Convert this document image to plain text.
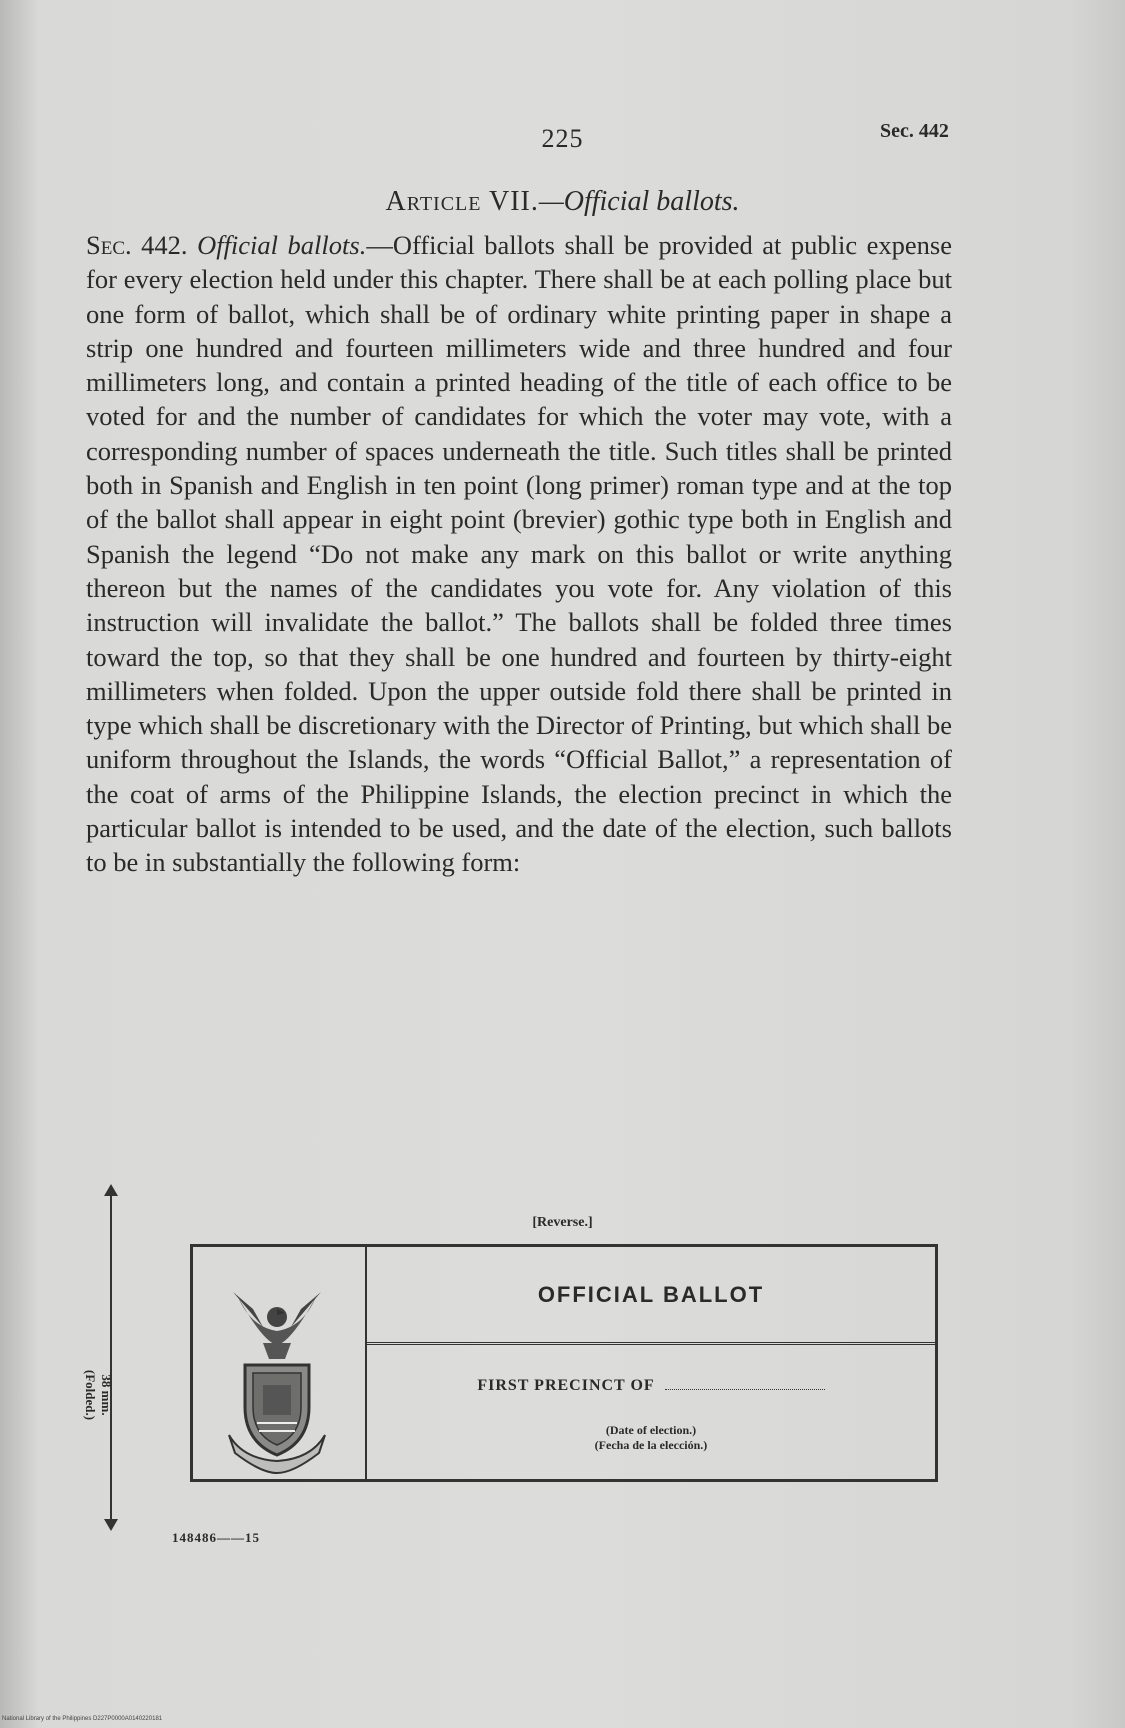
225	Sec. 442
Article VII.—Official ballots.
Sec. 442. Official ballots.—Official ballots shall be provided at public expense for every election held under this chapter. There shall be at each polling place but one form of ballot, which shall be of ordinary white printing paper in shape a strip one hundred and fourteen millimeters wide and three hundred and four millimeters long, and contain a printed heading of the title of each office to be voted for and the number of candidates for which the voter may vote, with a corresponding number of spaces underneath the title. Such titles shall be printed both in Spanish and English in ten point (long primer) roman type and at the top of the ballot shall appear in eight point (brevier) gothic type both in English and Spanish the legend “Do not make any mark on this ballot or write anything thereon but the names of the candidates you vote for. Any violation of this instruction will invalidate the ballot.” The ballots shall be folded three times toward the top, so that they shall be one hundred and fourteen by thirty-eight millimeters when folded. Upon the upper outside fold there shall be printed in type which shall be discretionary with the Director of Printing, but which shall be uniform throughout the Islands, the words “Official Ballot,” a representation of the coat of arms of the Philippine Islands, the election precinct in which the particular ballot is intended to be used, and the date of the election, such ballots to be in substantially the following form:
[Reverse.]
38 mm.
(Folded.)
OFFICIAL BALLOT
FIRST PRECINCT OF
(Date of election.)
(Fecha de la elección.)
148486——15
National Library of the Philippines D227P0000A0140220181
